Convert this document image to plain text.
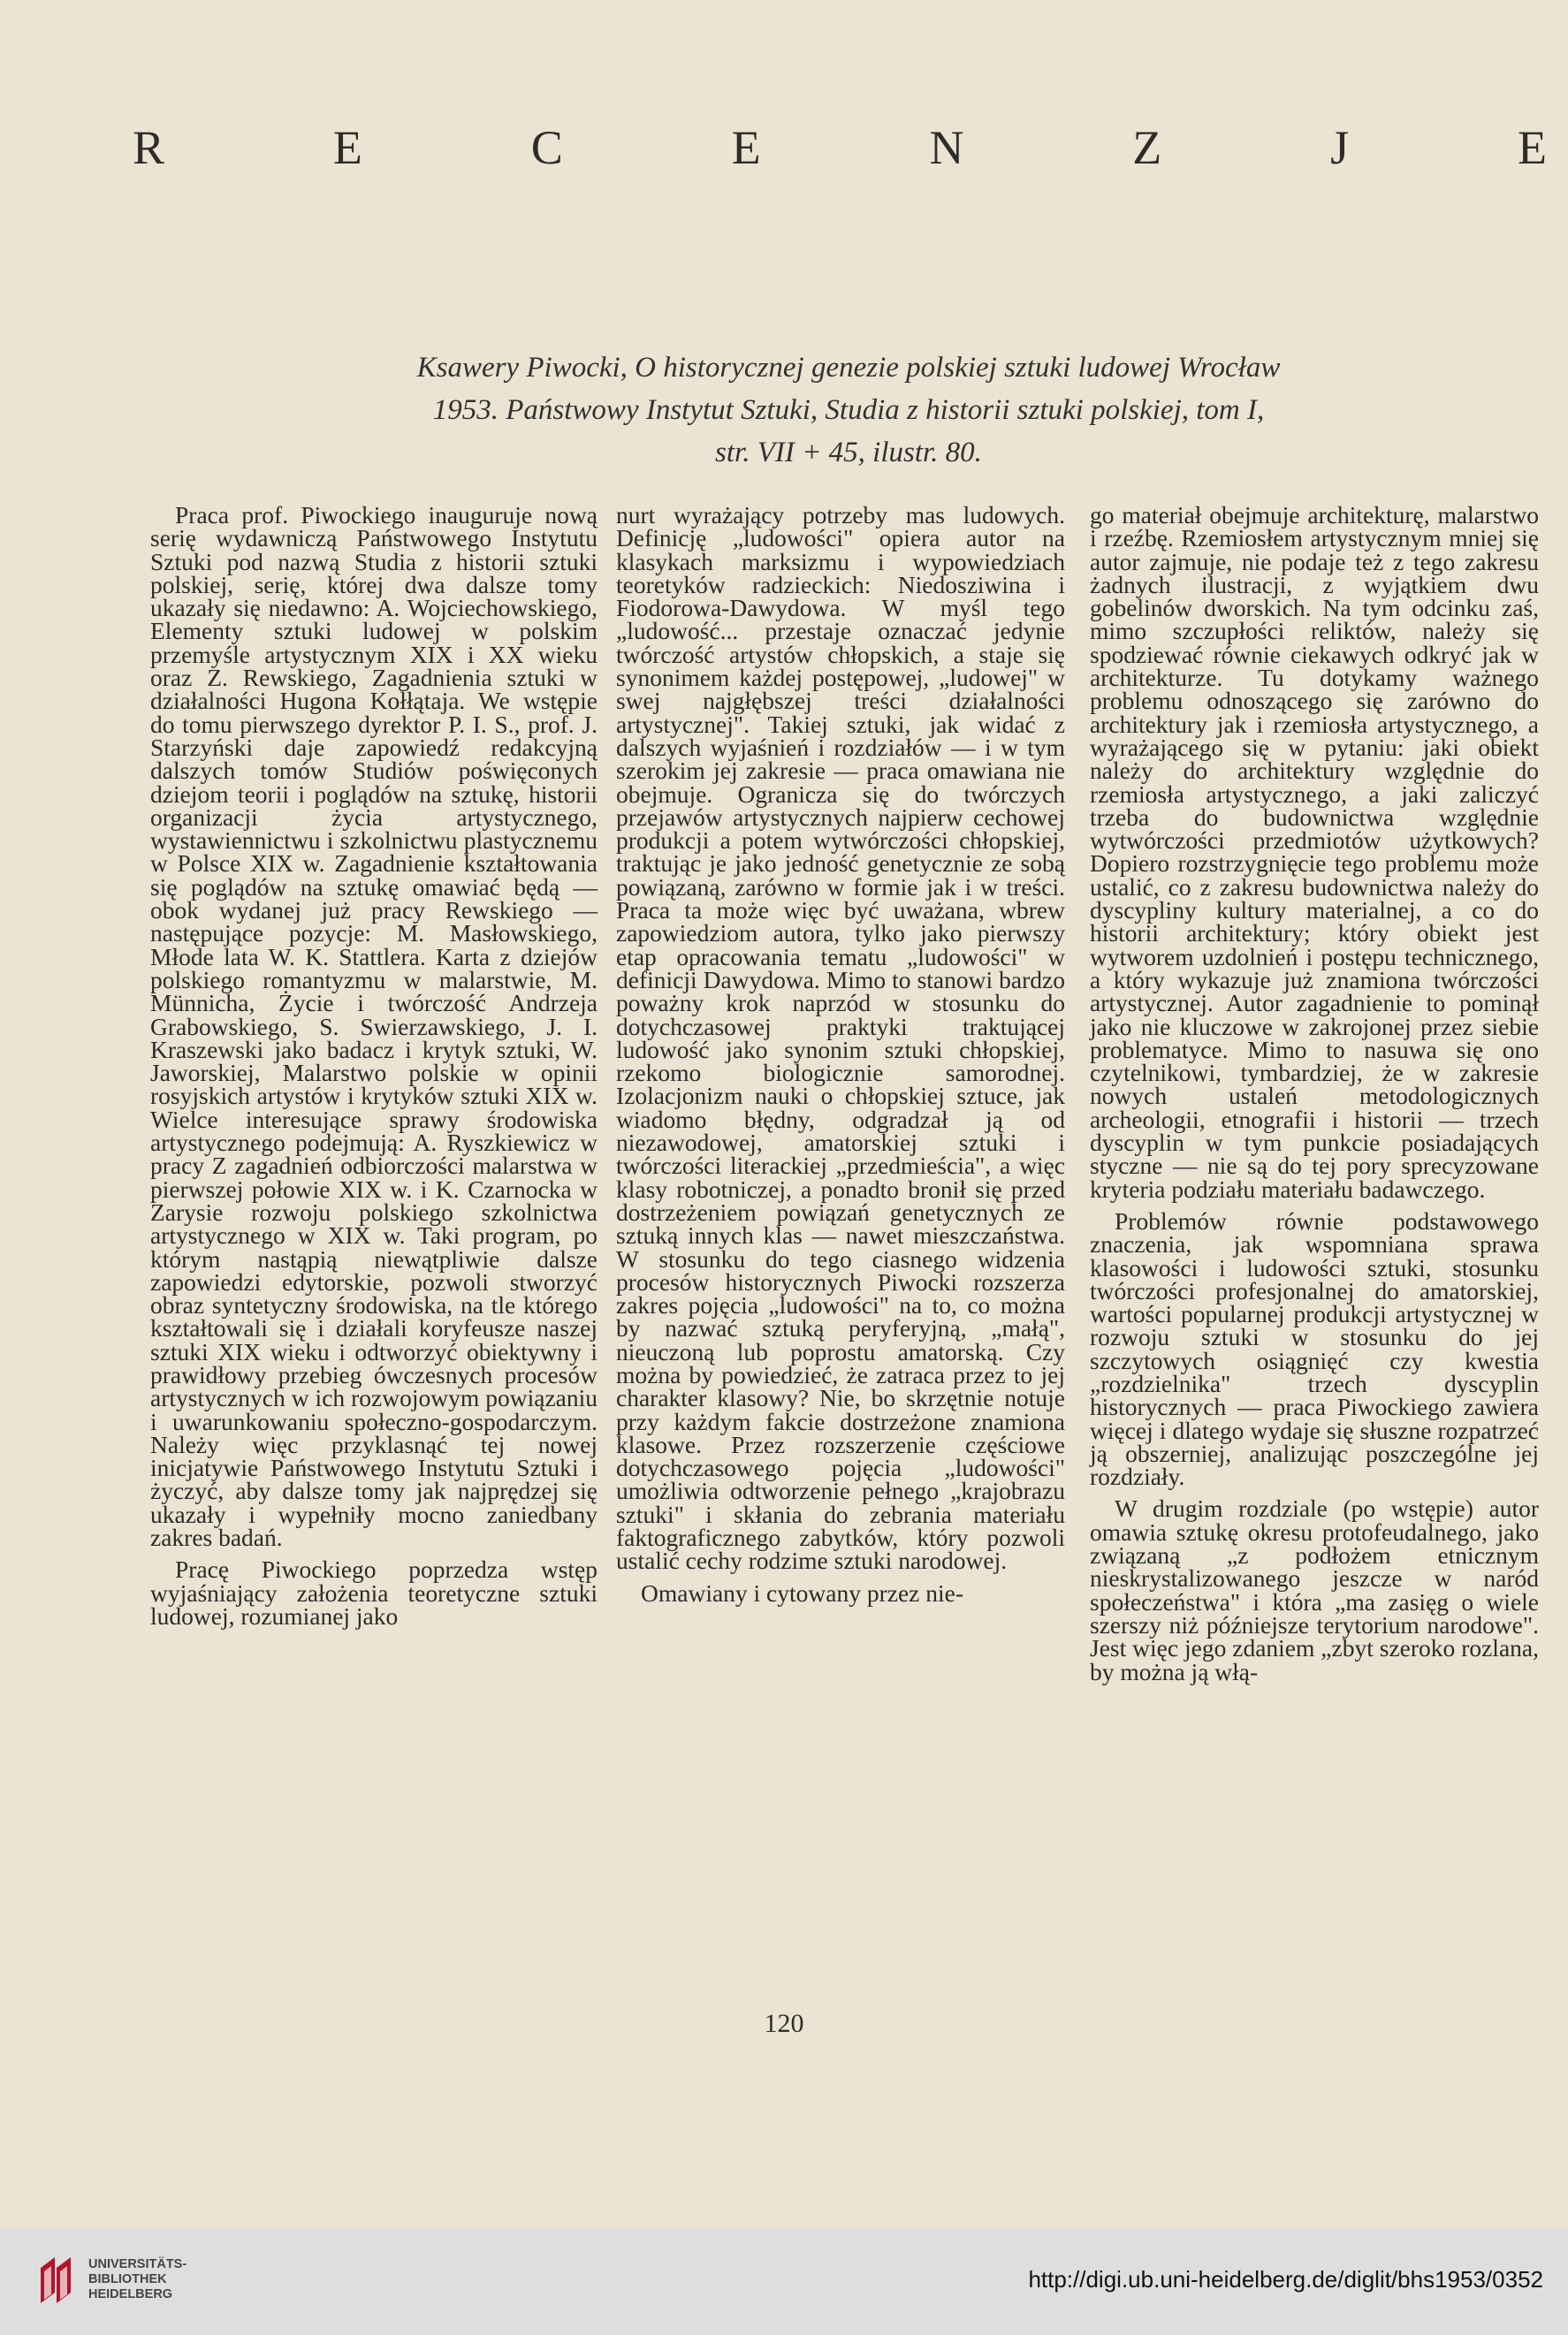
R	E	C	E	N	Z	J	E
Ksawery Piwocki, O historycznej genezie polskiej sztuki ludowej Wrocław
1953. Państwowy Instytut Sztuki, Studia z historii sztuki polskiej, tom I,
str. VII + 45, ilustr. 80.

Praca prof. Piwockiego inauguruje nową serię wydawniczą Państwowego Instytutu Sztuki pod nazwą Studia z historii sztuki polskiej, serię, której dwa dalsze tomy ukazały się niedawno: A. Wojciechowskiego, Elementy sztuki ludowej w polskim przemyśle artystycznym XIX i XX wieku oraz Z. Rewskiego, Zagadnienia sztuki w działalności Hugona Kołłątaja. We wstępie do tomu pierwszego dyrektor P. I. S., prof. J. Starzyński daje zapowiedź redakcyjną dalszych tomów Studiów poświęconych dziejom teorii i poglądów na sztukę, historii organizacji życia artystycznego, wystawiennictwu i szkolnictwu plastycznemu w Polsce XIX w. Zagadnienie kształtowania się poglądów na sztukę omawiać będą — obok wydanej już pracy Rewskiego — następujące pozycje: M. Masłowskiego, Młode lata W. K. Stattlera. Karta z dziejów polskiego romantyzmu w malarstwie, M. Münnicha, Życie i twórczość Andrzeja Grabowskiego, S. Swierzawskiego, J. I. Kraszewski jako badacz i krytyk sztuki, W. Jaworskiej, Malarstwo polskie w opinii rosyjskich artystów i krytyków sztuki XIX w. Wielce interesujące sprawy środowiska artystycznego podejmują: A. Ryszkiewicz w pracy Z zagadnień odbiorczości malarstwa w pierwszej połowie XIX w. i K. Czarnocka w Zarysie rozwoju polskiego szkolnictwa artystycznego w XIX w. Taki program, po którym nastąpią niewątpliwie dalsze zapowiedzi edytorskie, pozwoli stworzyć obraz syntetyczny środowiska, na tle którego kształtowali się i działali koryfeusze naszej sztuki XIX wieku i odtworzyć obiektywny i prawidłowy przebieg ówczesnych procesów artystycznych w ich rozwojowym powiązaniu i uwarunkowaniu społeczno-gospodarczym. Należy więc przyklasnąć tej nowej inicjatywie Państwowego Instytutu Sztuki i życzyć, aby dalsze tomy jak najprędzej się ukazały i wypełniły mocno zaniedbany zakres badań.

Pracę Piwockiego poprzedza wstęp wyjaśniający założenia teoretyczne sztuki ludowej, rozumianej jako

nurt wyrażający potrzeby mas ludowych. Definicję „ludowości" opiera autor na klasykach marksizmu i wypowiedziach teoretyków radzieckich: Niedosziwina i Fiodorowa-Dawydowa. W myśl tego „ludowość... przestaje oznaczać jedynie twórczość artystów chłopskich, a staje się synonimem każdej postępowej, „ludowej" w swej najgłębszej treści działalności artystycznej". Takiej sztuki, jak widać z dalszych wyjaśnień i rozdziałów — i w tym szerokim jej zakresie — praca omawiana nie obejmuje. Ogranicza się do twórczych przejawów artystycznych najpierw cechowej produkcji a potem wytwórczości chłopskiej, traktując je jako jedność genetycznie ze sobą powiązaną, zarówno w formie jak i w treści. Praca ta może więc być uważana, wbrew zapowiedziom autora, tylko jako pierwszy etap opracowania tematu „ludowości" w definicji Dawydowa. Mimo to stanowi bardzo poważny krok naprzód w stosunku do dotychczasowej praktyki traktującej ludowość jako synonim sztuki chłopskiej, rzekomo biologicznie samorodnej. Izolacjonizm nauki o chłopskiej sztuce, jak wiadomo błędny, odgradzał ją od niezawodowej, amatorskiej sztuki i twórczości literackiej „przedmieścia", a więc klasy robotniczej, a ponadto bronił się przed dostrzeżeniem powiązań genetycznych ze sztuką innych klas — nawet mieszczaństwa. W stosunku do tego ciasnego widzenia procesów historycznych Piwocki rozszerza zakres pojęcia „ludowości" na to, co można by nazwać sztuką peryferyjną, „małą", nieuczoną lub poprostu amatorską. Czy można by powiedzieć, że zatraca przez to jej charakter klasowy? Nie, bo skrzętnie notuje przy każdym fakcie dostrzeżone znamiona klasowe. Przez rozszerzenie częściowe dotychczasowego pojęcia „ludowości" umożliwia odtworzenie pełnego „krajobrazu sztuki" i skłania do zebrania materiału faktograficznego zabytków, który pozwoli ustalić cechy rodzime sztuki narodowej.

Omawiany i cytowany przez nie-

go materiał obejmuje architekturę, malarstwo i rzeźbę. Rzemiosłem artystycznym mniej się autor zajmuje, nie podaje też z tego zakresu żadnych ilustracji, z wyjątkiem dwu gobelinów dworskich. Na tym odcinku zaś, mimo szczupłości reliktów, należy się spodziewać równie ciekawych odkryć jak w architekturze. Tu dotykamy ważnego problemu odnoszącego się zarówno do architektury jak i rzemiosła artystycznego, a wyrażającego się w pytaniu: jaki obiekt należy do architektury względnie do rzemiosła artystycznego, a jaki zaliczyć trzeba do budownictwa względnie wytwórczości przedmiotów użytkowych? Dopiero rozstrzygnięcie tego problemu może ustalić, co z zakresu budownictwa należy do dyscypliny kultury materialnej, a co do historii architektury; który obiekt jest wytworem uzdolnień i postępu technicznego, a który wykazuje już znamiona twórczości artystycznej. Autor zagadnienie to pominął jako nie kluczowe w zakrojonej przez siebie problematyce. Mimo to nasuwa się ono czytelnikowi, tymbardziej, że w zakresie nowych ustaleń metodologicznych archeologii, etnografii i historii — trzech dyscyplin w tym punkcie posiadających styczne — nie są do tej pory sprecyzowane kryteria podziału materiału badawczego.

Problemów równie podstawowego znaczenia, jak wspomniana sprawa klasowości i ludowości sztuki, stosunku twórczości profesjonalnej do amatorskiej, wartości popularnej produkcji artystycznej w rozwoju sztuki w stosunku do jej szczytowych osiągnięć czy kwestia „rozdzielnika" trzech dyscyplin historycznych — praca Piwockiego zawiera więcej i dlatego wydaje się słuszne rozpatrzeć ją obszerniej, analizując poszczególne jej rozdziały.

W drugim rozdziale (po wstępie) autor omawia sztukę okresu protofeudalnego, jako związaną „z podłożem etnicznym nieskrystalizowanego jeszcze w naród społeczeństwa" i która „ma zasięg o wiele szerszy niż późniejsze terytorium narodowe". Jest więc jego zdaniem „zbyt szeroko rozlana, by można ją włą-

120
UNIVERSITÄTS-
BIBLIOTHEK
HEIDELBERG
http://digi.ub.uni-heidelberg.de/diglit/bhs1953/0352
